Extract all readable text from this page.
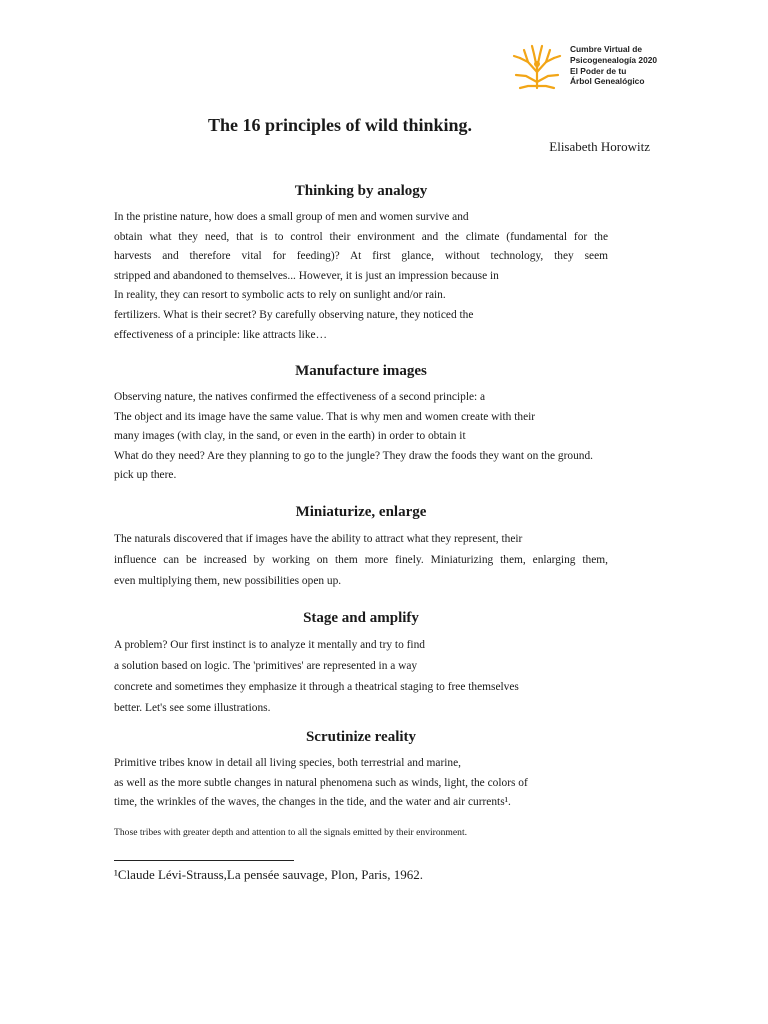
Cumbre Virtual de
Psicogenealogía 2020
El Poder de tu
Árbol Genealógico
The 16 principles of wild thinking.
Elisabeth Horowitz
Thinking by analogy

In the pristine nature, how does a small group of men and women survive and
obtain what they need, that is to control their environment and the climate (fundamental for the
harvests and therefore vital for feeding)? At first glance, without technology, they seem
stripped and abandoned to themselves... However, it is just an impression because in
In reality, they can resort to symbolic acts to rely on sunlight and/or rain.
fertilizers. What is their secret? By carefully observing nature, they noticed the
effectiveness of a principle: like attracts like…

Manufacture images

Observing nature, the natives confirmed the effectiveness of a second principle: a
The object and its image have the same value. That is why men and women create with their
many images (with clay, in the sand, or even in the earth) in order to obtain it
What do they need? Are they planning to go to the jungle? They draw the foods they want on the ground.
pick up there.

Miniaturize, enlarge

The naturals discovered that if images have the ability to attract what they represent, their
influence can be increased by working on them more finely. Miniaturizing them, enlarging them,
even multiplying them, new possibilities open up.

Stage and amplify

A problem? Our first instinct is to analyze it mentally and try to find
a solution based on logic. The 'primitives' are represented in a way
concrete and sometimes they emphasize it through a theatrical staging to free themselves
better. Let's see some illustrations.

Scrutinize reality

Primitive tribes know in detail all living species, both terrestrial and marine,
as well as the more subtle changes in natural phenomena such as winds, light, the colors of
time, the wrinkles of the waves, the changes in the tide, and the water and air currents¹.

Those tribes with greater depth and attention to all the signals emitted by their environment.
¹Claude Lévi-Strauss,La pensée sauvage, Plon, Paris, 1962.
